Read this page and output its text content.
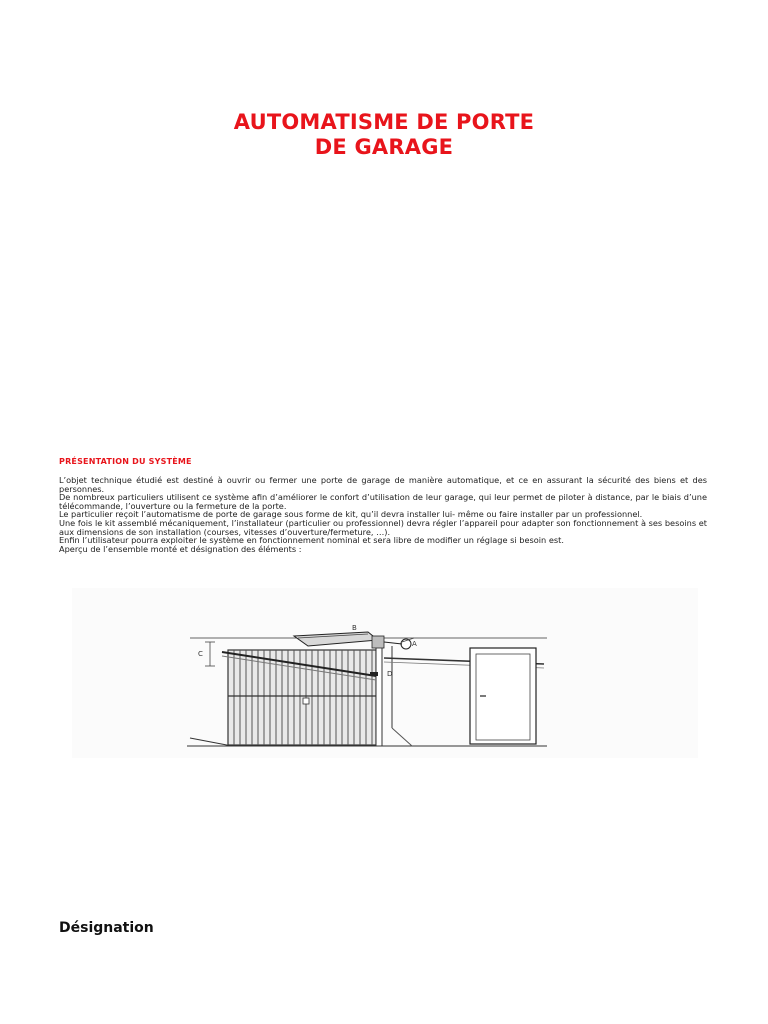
AUTOMATISME DE PORTE
DE GARAGE
PRÉSENTATION DU SYSTÈME

L’objet technique étudié est destiné à ouvrir ou fermer une porte de garage de manière automatique, et ce en assurant la sécurité des biens et des personnes.

De nombreux particuliers utilisent ce système afin d’améliorer le confort d’utilisation de leur garage, qui leur permet de piloter à distance, par le biais d’une télécommande, l’ouverture ou la fermeture de la porte.

Le particulier reçoit l’automatisme de porte de garage sous forme de kit, qu’il devra installer lui- même ou faire installer par un professionnel.

Une fois le kit assemblé mécaniquement, l’installateur (particulier ou professionnel) devra régler l’appareil pour adapter son fonctionnement à ses besoins et aux dimensions de son installation (courses, vitesses d’ouverture/fermeture, …).

Enfin l’utilisateur pourra exploiter le système en fonctionnement nominal et sera libre de modifier un réglage si besoin est.

Aperçu de l’ensemble monté et désignation des éléments :

C
B
A
D
Désignation
